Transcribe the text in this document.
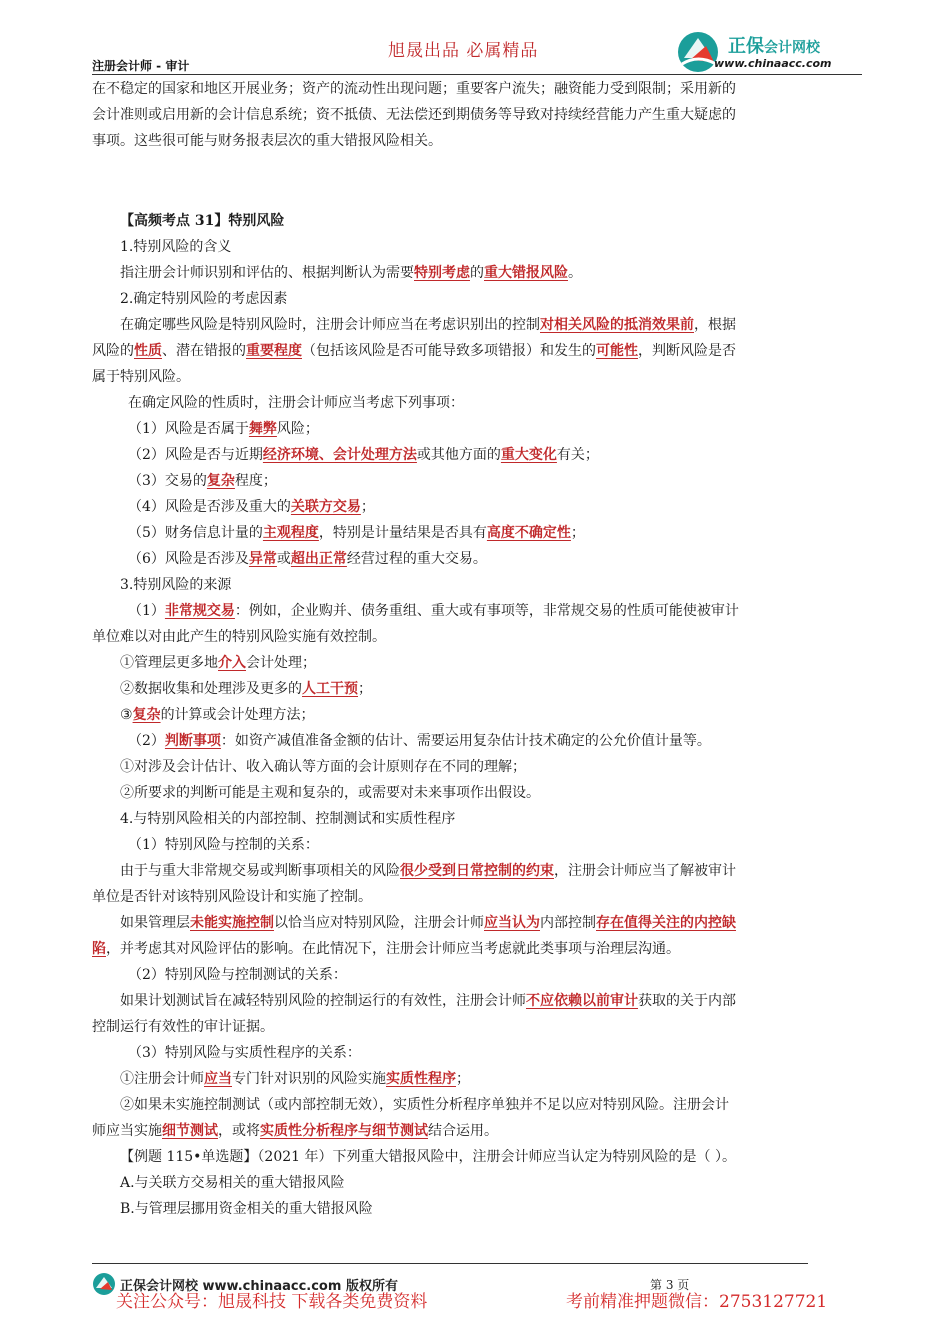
旭晟出品 必属精品
注册会计师 - 审计
正保会计网校
www.chinaacc.com

在不稳定的国家和地区开展业务；资产的流动性出现问题；重要客户流失；融资能力受到限制；采用新的

会计准则或启用新的会计信息系统；资不抵债、无法偿还到期债务等导致对持续经营能力产生重大疑虑的

事项。这些很可能与财务报表层次的重大错报风险相关。

【高频考点 31】特别风险

1.特别风险的含义

指注册会计师识别和评估的、根据判断认为需要特别考虑的重大错报风险。

2.确定特别风险的考虑因素

在确定哪些风险是特别风险时，注册会计师应当在考虑识别出的控制对相关风险的抵消效果前，根据

风险的性质、潜在错报的重要程度（包括该风险是否可能导致多项错报）和发生的可能性，判断风险是否

属于特别风险。

在确定风险的性质时，注册会计师应当考虑下列事项：

（1）风险是否属于舞弊风险；

（2）风险是否与近期经济环境、会计处理方法或其他方面的重大变化有关；

（3）交易的复杂程度；

（4）风险是否涉及重大的关联方交易；

（5）财务信息计量的主观程度，特别是计量结果是否具有高度不确定性；

（6）风险是否涉及异常或超出正常经营过程的重大交易。

3.特别风险的来源

（1）非常规交易：例如，企业购并、债务重组、重大或有事项等，非常规交易的性质可能使被审计

单位难以对由此产生的特别风险实施有效控制。

①管理层更多地介入会计处理；

②数据收集和处理涉及更多的人工干预；

③复杂的计算或会计处理方法；

（2）判断事项：如资产减值准备金额的估计、需要运用复杂估计技术确定的公允价值计量等。

①对涉及会计估计、收入确认等方面的会计原则存在不同的理解；

②所要求的判断可能是主观和复杂的，或需要对未来事项作出假设。

4.与特别风险相关的内部控制、控制测试和实质性程序

（1）特别风险与控制的关系：

由于与重大非常规交易或判断事项相关的风险很少受到日常控制的约束，注册会计师应当了解被审计

单位是否针对该特别风险设计和实施了控制。

如果管理层未能实施控制以恰当应对特别风险，注册会计师应当认为内部控制存在值得关注的内控缺

陷，并考虑其对风险评估的影响。在此情况下，注册会计师应当考虑就此类事项与治理层沟通。

（2）特别风险与控制测试的关系：

如果计划测试旨在减轻特别风险的控制运行的有效性，注册会计师不应依赖以前审计获取的关于内部

控制运行有效性的审计证据。

（3）特别风险与实质性程序的关系：

①注册会计师应当专门针对识别的风险实施实质性程序；

②如果未实施控制测试（或内部控制无效），实质性分析程序单独并不足以应对特别风险。注册会计

师应当实施细节测试，或将实质性分析程序与细节测试结合运用。

【例题 115•单选题】（2021 年）下列重大错报风险中，注册会计师应当认定为特别风险的是（ ）。

A.与关联方交易相关的重大错报风险

B.与管理层挪用资金相关的重大错报风险

正保会计网校 www.chinaacc.com 版权所有	第 3 页
关注公众号：旭晟科技 下载各类免费资料	考前精准押题微信：2753127721
